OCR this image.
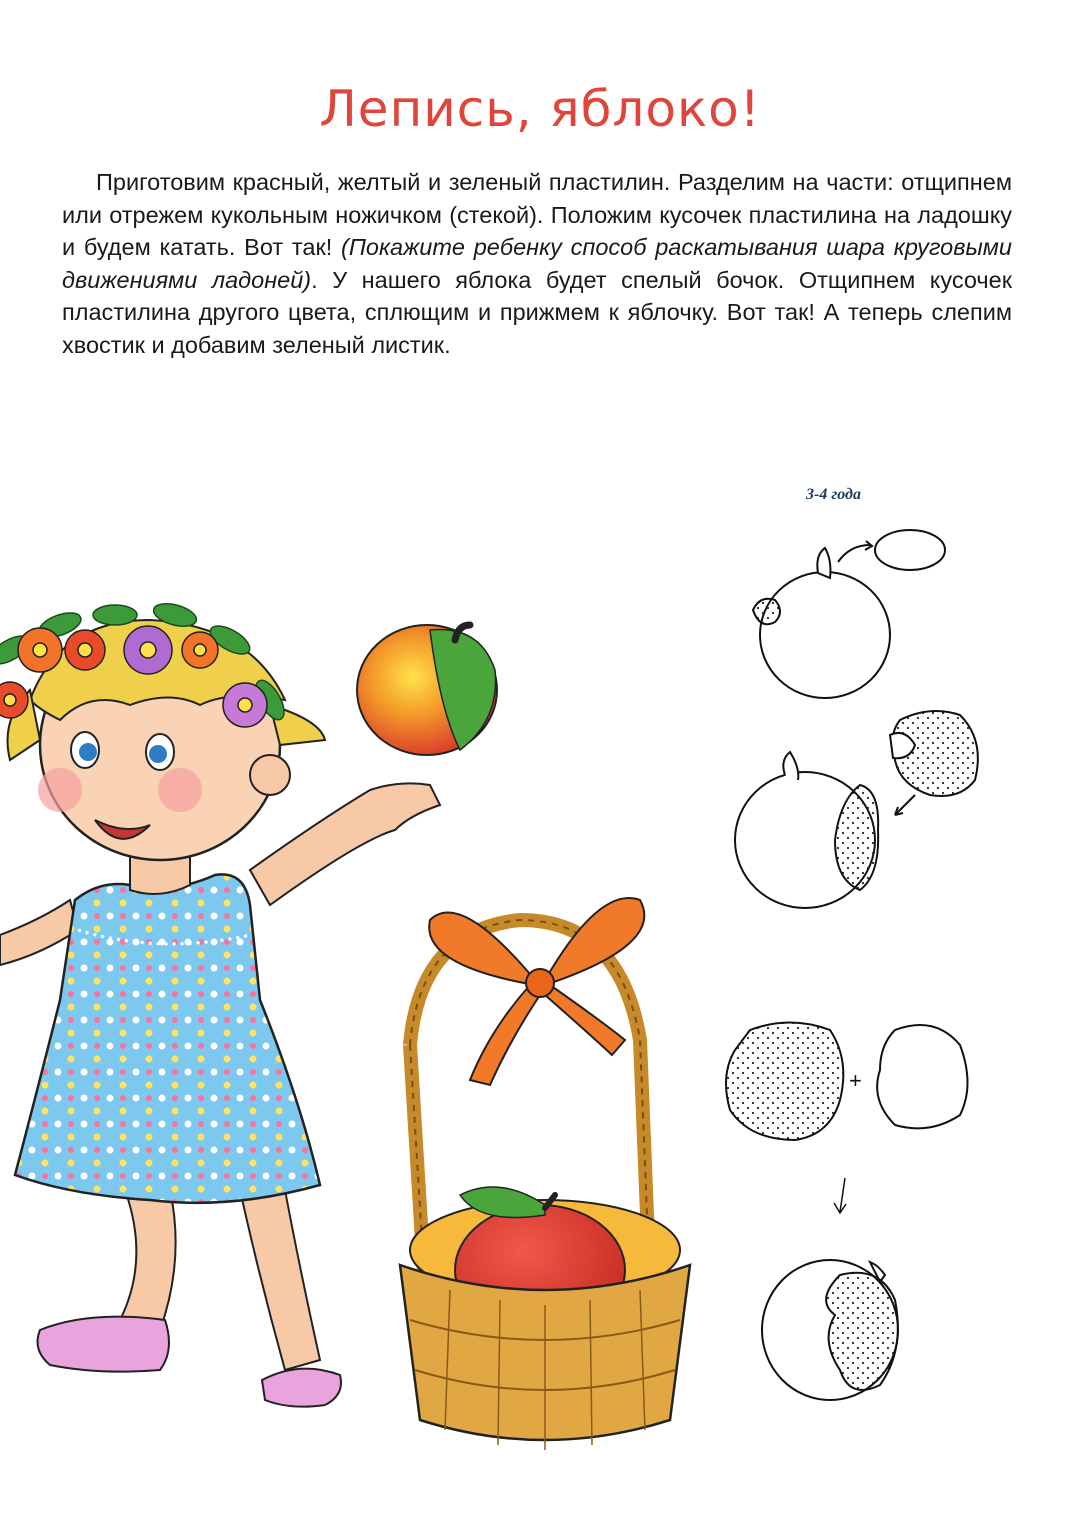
Лепись, яблоко!

Приготовим красный, желтый и зеленый пластилин. Разделим на части: отщипнем или отрежем кукольным ножичком (стекой). Положим кусочек пластилина на ладошку и будем катать. Вот так! (Покажите ребенку способ раскатывания шара круговыми движениями ладоней). У нашего яблока будет спелый бочок. Отщипнем кусочек пластилина другого цвета, сплющим и прижмем к яблочку. Вот так! А теперь слепим хвостик и добавим зеленый листик.

3-4 года
+
